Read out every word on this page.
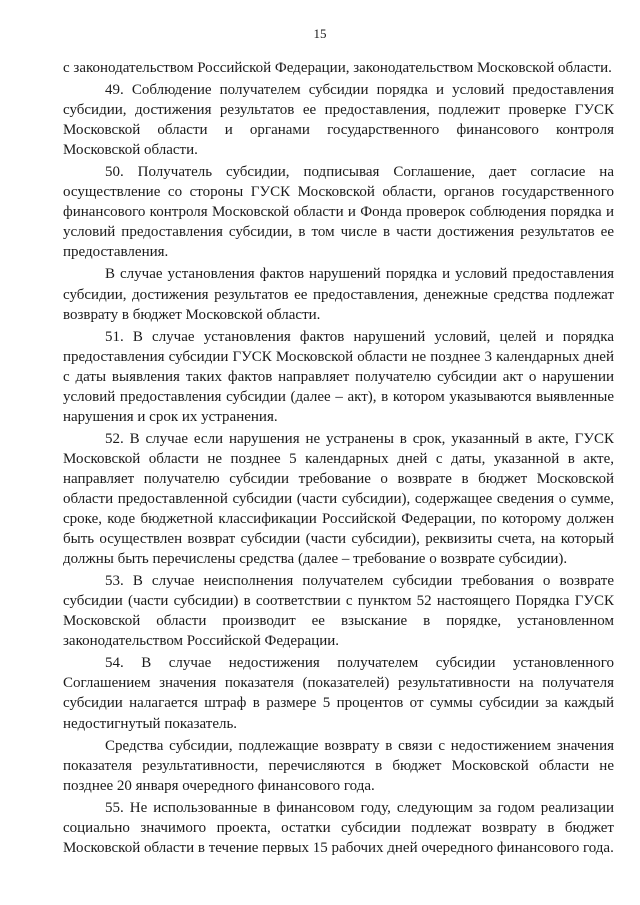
15

с законодательством Российской Федерации, законодательством Московской области.

49. Соблюдение получателем субсидии порядка и условий предоставления субсидии, достижения результатов ее предоставления, подлежит проверке ГУСК Московской области и органами государственного финансового контроля Московской области.

50. Получатель субсидии, подписывая Соглашение, дает согласие на осуществление со стороны ГУСК Московской области, органов государственного финансового контроля Московской области и Фонда проверок соблюдения порядка и условий предоставления субсидии, в том числе в части достижения результатов ее предоставления.

В случае установления фактов нарушений порядка и условий предоставления субсидии, достижения результатов ее предоставления, денежные средства подлежат возврату в бюджет Московской области.

51. В случае установления фактов нарушений условий, целей и порядка предоставления субсидии ГУСК Московской области не позднее 3 календарных дней с даты выявления таких фактов направляет получателю субсидии акт о нарушении условий предоставления субсидии (далее – акт), в котором указываются выявленные нарушения и срок их устранения.

52. В случае если нарушения не устранены в срок, указанный в акте, ГУСК Московской области не позднее 5 календарных дней с даты, указанной в акте, направляет получателю субсидии требование о возврате в бюджет Московской области предоставленной субсидии (части субсидии), содержащее сведения о сумме, сроке, коде бюджетной классификации Российской Федерации, по которому должен быть осуществлен возврат субсидии (части субсидии), реквизиты счета, на который должны быть перечислены средства (далее – требование о возврате субсидии).

53. В случае неисполнения получателем субсидии требования о возврате субсидии (части субсидии) в соответствии с пунктом 52 настоящего Порядка ГУСК Московской области производит ее взыскание в порядке, установленном законодательством Российской Федерации.

54. В случае недостижения получателем субсидии установленного Соглашением значения показателя (показателей) результативности на получателя субсидии налагается штраф в размере 5 процентов от суммы субсидии за каждый недостигнутый показатель.

Средства субсидии, подлежащие возврату в связи с недостижением значения показателя результативности, перечисляются в бюджет Московской области не позднее 20 января очередного финансового года.

55. Не использованные в финансовом году, следующим за годом реализации социально значимого проекта, остатки субсидии подлежат возврату в бюджет Московской области в течение первых 15 рабочих дней очередного финансового года.
